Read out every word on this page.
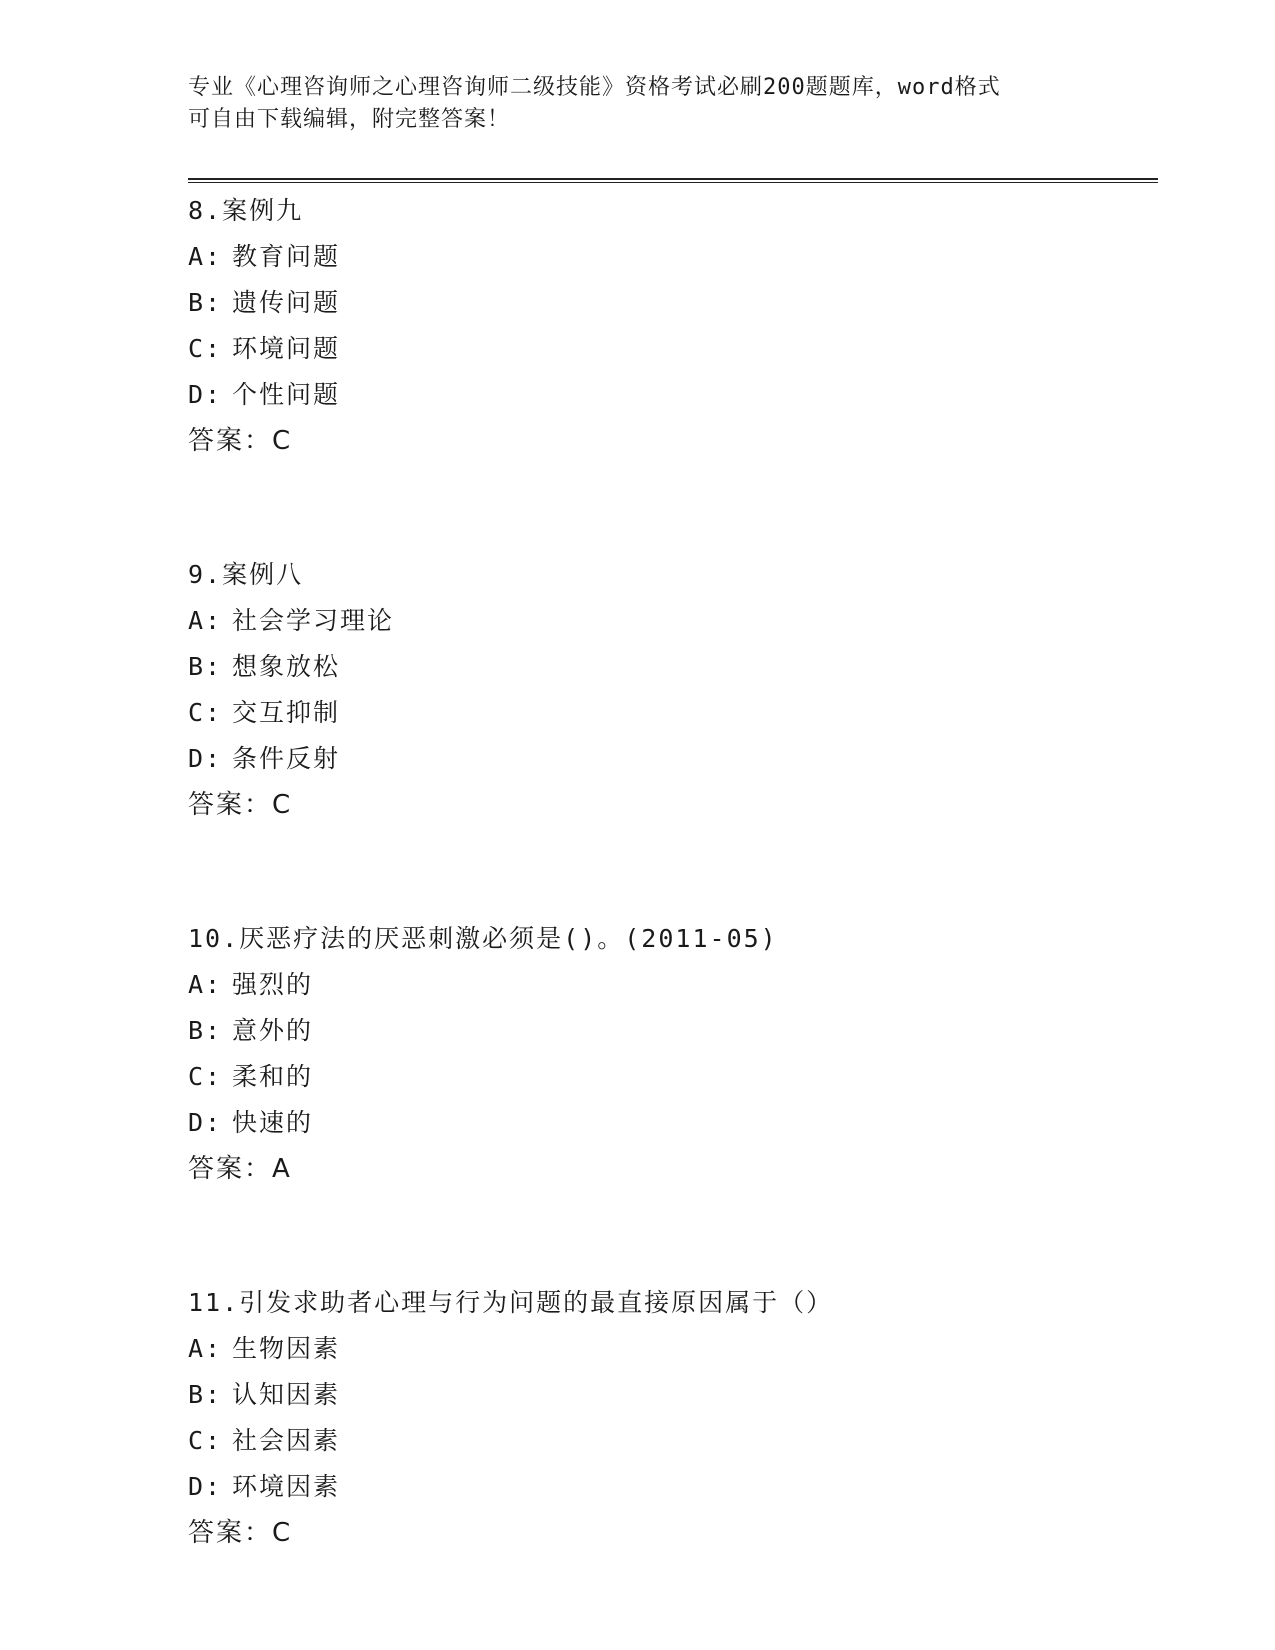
专业《心理咨询师之心理咨询师二级技能》资格考试必刷200题题库，word格式
可自由下载编辑，附完整答案！
8.案例九
A: 教育问题
B: 遗传问题
C: 环境问题
D: 个性问题
答案：C
9.案例八
A: 社会学习理论
B: 想象放松
C: 交互抑制
D: 条件反射
答案：C
10.厌恶疗法的厌恶刺激必须是()。(2011-05)
A: 强烈的
B: 意外的
C: 柔和的
D: 快速的
答案：A
11.引发求助者心理与行为问题的最直接原因属于（）
A: 生物因素
B: 认知因素
C: 社会因素
D: 环境因素
答案：C
